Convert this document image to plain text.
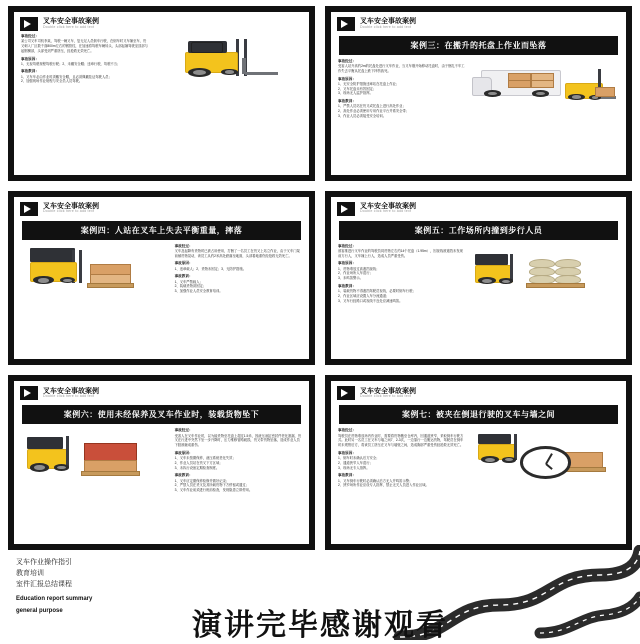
叉车安全事故案例
Double click here to add text
事故经过：
某公司叉车司机李某，驾驶一辆叉车，复无足人员倒车行驶，在倒车时叉车撞至车，货叉刺入厂区数千面800m左右的钢管柱，在加速将驾驶车辆转头，头部起撞驾驶室顶部与起钢横部，头部受到严重挤压，经抢救无效死亡。
事故原因：
1、无视驾驶规程驾驶行驶；2、未戴安全帽；违章行驶，驾驶不当；
事故教训：
1、叉车车必由作业时须戴安全帽，且必须佩戴挂证驾驶人员；
2、加强现场作业规程与安全员人员驾驶。
叉车安全事故案例
Double click here to add text
案例三：在搬升的托盘上作业而坠落
事故经过：
受害人站升高约2m的托盘处进行叉车作业，当叉车刚开始移动托盘时，由于捆扎不牢工作失去平衡从托盘上跌下摔伤致死。
事故原因：
1、无安全防护措施违章站在托盘上作业；
2、叉车托盘未有效固定；
3、现场无人监护指挥。
事故教训：
1、严禁人员站在货叉或托盘上进行高处作业；
2、高处作业必须使用专用作业平台并系安全带；
3、作业人员必须接受安全培训。
叉车安全事故案例
Double click here to add text
案例四：人站在叉车上失去平衡重量，摔落
事故经过：
叉车及起降有货物时已被占用使用，打捆了一名员工在货叉上站立作业，由于叉车门架前倾货物晃动，该员工从约2米高处跌落至地面，头部着地重伤经抢救无效死亡。
事故原因：
1、违章载人；2、货物未固定；3、无防护措施。
事故教训：
1、叉车严禁载人；
2、装载货物须固定；
3、加强作业人员安全教育培训。
叉车安全事故案例
Double click here to add text
案例五：工作场所内撞到步行人员
事故经过：
被害推进行叉车作业的驾驶员同货物左右约14个托盘（1.95m），因视线被遮挡未发现前方行人，叉车撞上行人，造成人员严重受伤。
事故原因：
1、货物堆放过高遮挡视线；
2、作业场所人车混行；
3、未鸣笛警示。
事故教训：
1、装载货物不得遮挡驾驶员视线，必要时倒车行驶；
2、作业区域应设置人车分流通道；
3、叉车行经路口或视线不良处应减速鸣笛。
叉车安全事故案例
Double click here to add text
案例六：使用未经保养及叉车作业时，装载货物坠下
事故经过：
受害人在叉车作业时，以为能货物至托盘上超过1.5米，因液压油缸密封件老化泄漏，货叉在行进中突然下坠一步升降时，压力维修管路破损，货叉带货物坠落，造成作业人员下肢被砸成重伤。
事故原因：
1、叉车未按期保养，液压系统老化失效；
2、作业人员站在货叉下方区域；
3、未执行设备定期检查制度。
事故教训：
1、叉车应定期保养检修并做好记录；
2、严禁人员在货叉及其所载货物下方停留或通过；
3、叉车作业前须进行班前检查，发现隐患立即停用。
叉车安全事故案例
Double click here to add text
案例七：被夹在倒退行驶的叉车与墙之间
事故经过：
驾驶员在货物堆放场内作业时，需要将货物搬至仓库内，因通道狭窄，采取倒车行驶方式。此时另一名员工在叉车与墙之间7．2-3次，一边靠行一边搬运货物，驾驶员在倒车时未观察后方，将该员工挤压在叉车与墙壁之间，造成胸部严重受伤经抢救无效死亡。
事故原因：
1、倒车时未确认后方安全；
2、通道狭窄人车混行；
3、现场无专人指挥。
事故教训：
1、叉车倒车行驶时必须确认后方无人并鸣笛示警；
2、狭窄场所作业应设专人指挥，禁止无关人员进入作业区域。
叉车作业操作指引
教育培训
室件汇报总结课程
Education report summary
general purpose	演讲完毕感谢观看
